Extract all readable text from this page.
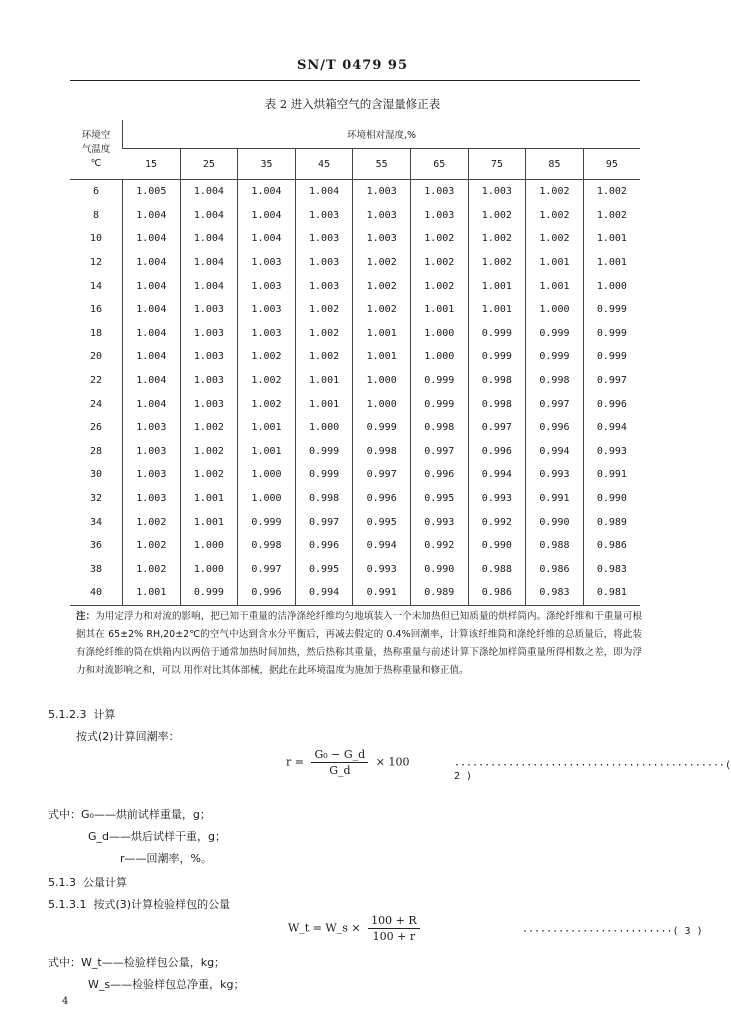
SN/T 0479 95
表 2 进入烘箱空气的含湿量修正表
环境空
气温度
℃	环境相对湿度,%								
	15	25	35	45	55	65	75	85	95
6	1.005	1.004	1.004	1.004	1.003	1.003	1.003	1.002	1.002
8	1.004	1.004	1.004	1.003	1.003	1.003	1.002	1.002	1.002
10	1.004	1.004	1.004	1.003	1.003	1.002	1.002	1.002	1.001
12	1.004	1.004	1.003	1.003	1.002	1.002	1.002	1.001	1.001
14	1.004	1.004	1.003	1.003	1.002	1.002	1.001	1.001	1.000
16	1.004	1.003	1.003	1.002	1.002	1.001	1.001	1.000	0.999
18	1.004	1.003	1.003	1.002	1.001	1.000	0.999	0.999	0.999
20	1.004	1.003	1.002	1.002	1.001	1.000	0.999	0.999	0.999
22	1.004	1.003	1.002	1.001	1.000	0.999	0.998	0.998	0.997
24	1.004	1.003	1.002	1.001	1.000	0.999	0.998	0.997	0.996
26	1.003	1.002	1.001	1.000	0.999	0.998	0.997	0.996	0.994
28	1.003	1.002	1.001	0.999	0.998	0.997	0.996	0.994	0.993
30	1.003	1.002	1.000	0.999	0.997	0.996	0.994	0.993	0.991
32	1.003	1.001	1.000	0.998	0.996	0.995	0.993	0.991	0.990
34	1.002	1.001	0.999	0.997	0.995	0.993	0.992	0.990	0.989
36	1.002	1.000	0.998	0.996	0.994	0.992	0.990	0.988	0.986
38	1.002	1.000	0.997	0.995	0.993	0.990	0.988	0.986	0.983
40	1.001	0.999	0.996	0.994	0.991	0.989	0.986	0.983	0.981
注：为用定浮力和对流的影响，把已知干重量的洁净涤纶纤维均匀地填装入一个未加热但已知质量的烘样筒内。涤纶纤维和干重量可根据其在 65±2% RH,20±2℃的空气中达到含水分平衡后，再减去假定的 0.4%回潮率，计算该纤维筒和涤纶纤维的总质量后，将此装有涤纶纤维的筒在烘箱内以两倍于通常加热时间加热，然后热称其重量，热称重量与前述计算下涤纶加样筒重量所得相数之差，即为浮力和对流影响之和，可以 用作对比其体部械，据此在此环境温度为施加于热称重量和修正值。
5.1.2.3 计算
按式(2)计算回潮率：
$r = \frac{\text{G₀ − G\_d}}{G\_d} \times 100$	·············································( 2 )
式中：G₀——烘前试样重量，g；
G_d——烘后试样干重，g；
r——回潮率，%。
5.1.3 公量计算
5.1.3.1 按式(3)计算检验样包的公量
W_t = W_s × $\frac{100 + R}{100 + r}$	·························( 3 )
式中：W_t——检验样包公量，kg；
W_s——检验样包总净重，kg；
4
